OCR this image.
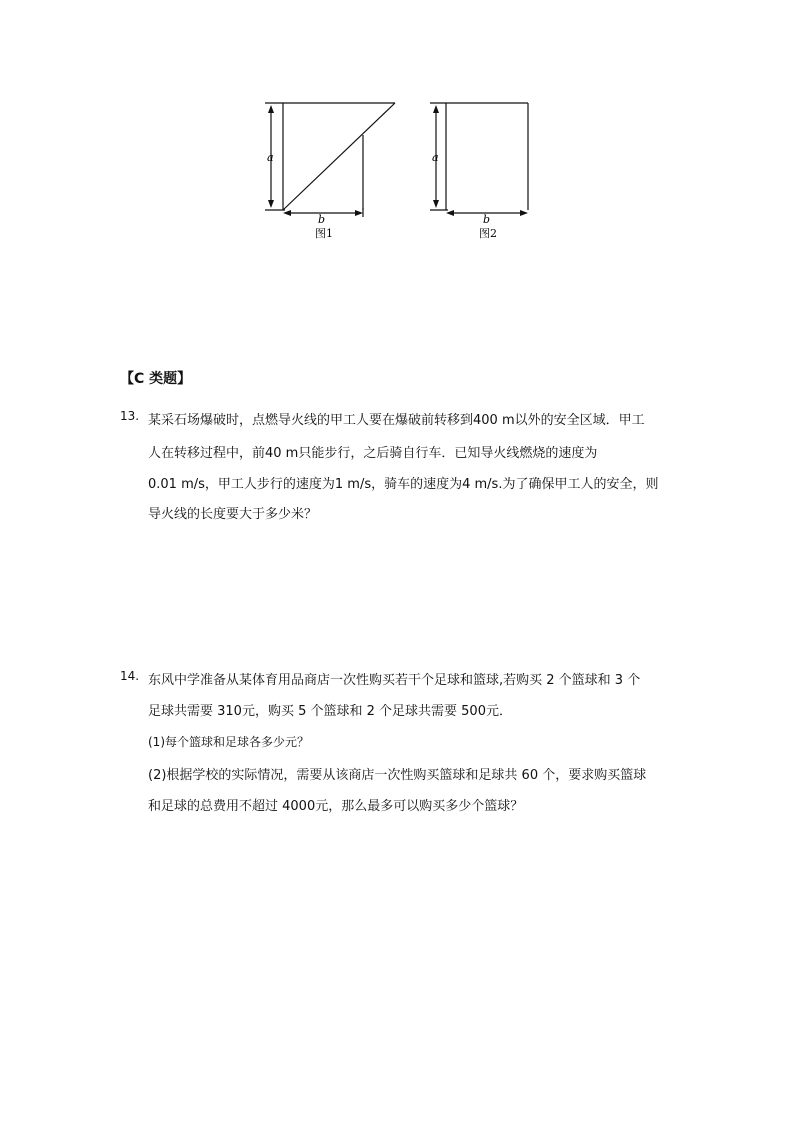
a
b
图1
a
b
图2
【C 类题】
13. 某采石场爆破时，点燃导火线的甲工人要在爆破前转移到400 m以外的安全区域．甲工
人在转移过程中，前40 m只能步行，之后骑自行车．已知导火线燃烧的速度为
0.01 m/s，甲工人步行的速度为1 m/s，骑车的速度为4 m/s.为了确保甲工人的安全，则
导火线的长度要大于多少米？
14. 东风中学准备从某体育用品商店一次性购买若干个足球和篮球,若购买 2 个篮球和 3 个
足球共需要 310元，购买 5 个篮球和 2 个足球共需要 500元．
(1)每个篮球和足球各多少元？
(2)根据学校的实际情况，需要从该商店一次性购买篮球和足球共 60 个，要求购买篮球
和足球的总费用不超过 4000元，那么最多可以购买多少个篮球？
